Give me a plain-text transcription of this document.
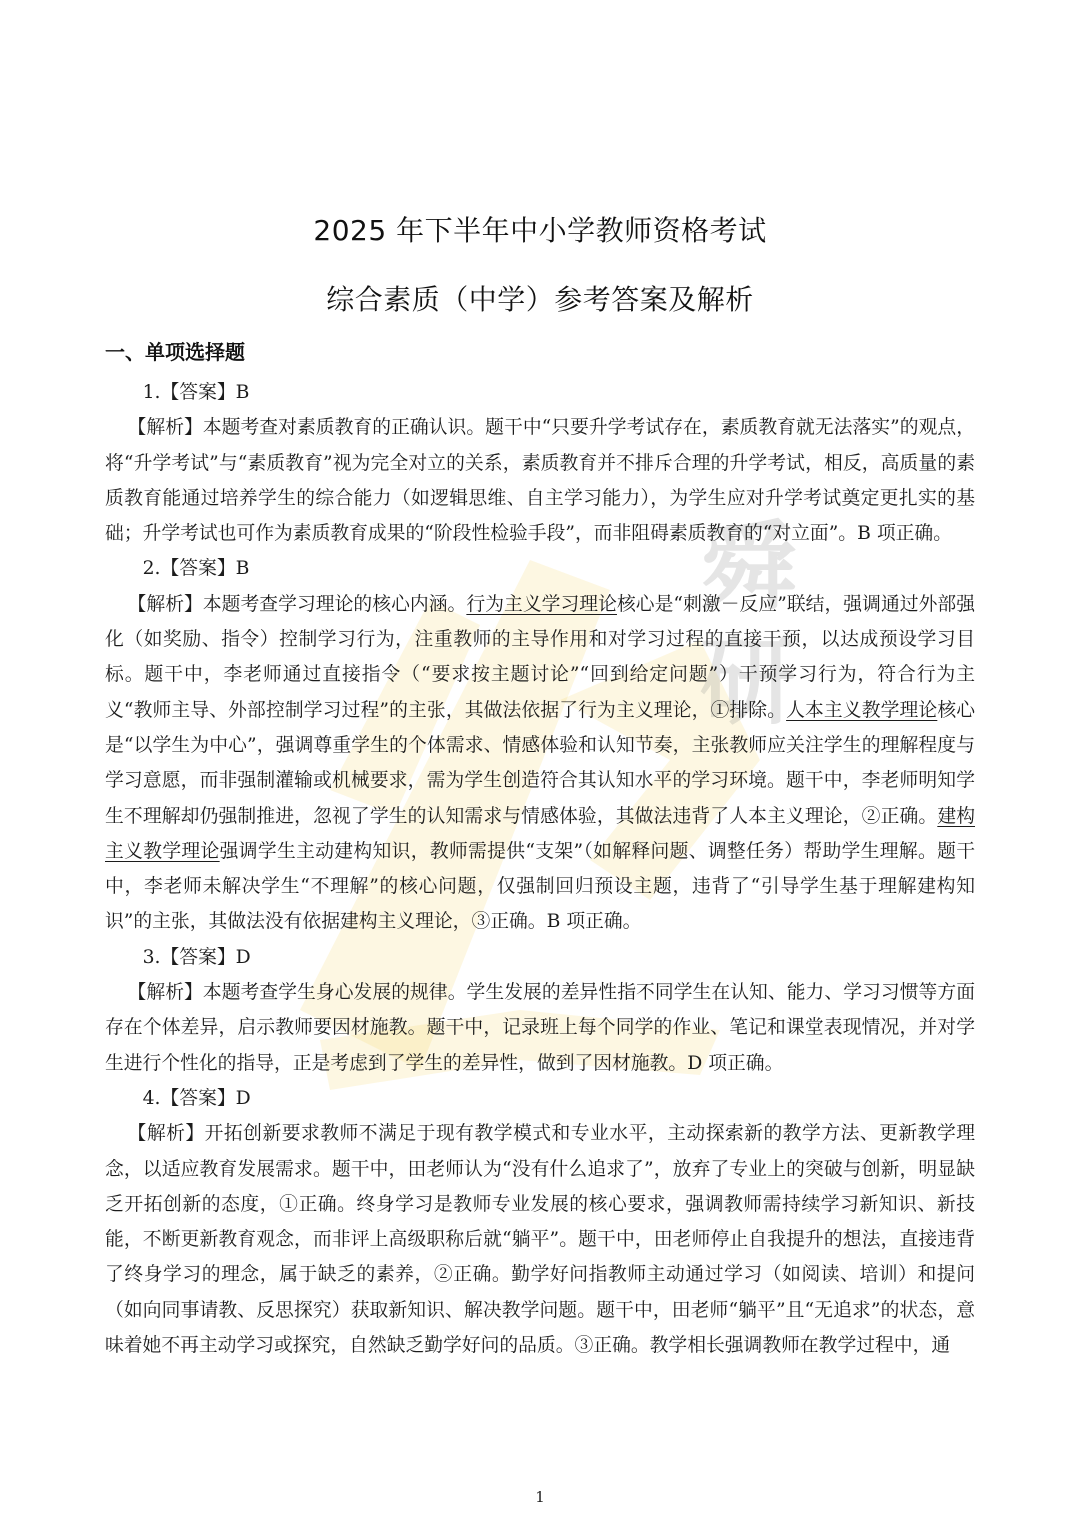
舜
研
2025 年下半年中小学教师资格考试
综合素质（中学）参考答案及解析
一、单项选择题

1.【答案】B

【解析】本题考查对素质教育的正确认识。题干中“只要升学考试存在，素质教育就无法落实”的观点，将“升学考试”与“素质教育”视为完全对立的关系，素质教育并不排斥合理的升学考试，相反，高质量的素质教育能通过培养学生的综合能力（如逻辑思维、自主学习能力），为学生应对升学考试奠定更扎实的基础；升学考试也可作为素质教育成果的“阶段性检验手段”，而非阻碍素质教育的“对立面”。B 项正确。

2.【答案】B

【解析】本题考查学习理论的核心内涵。行为主义学习理论核心是“刺激－反应”联结，强调通过外部强化（如奖励、指令）控制学习行为，注重教师的主导作用和对学习过程的直接干预，以达成预设学习目标。题干中，李老师通过直接指令（“要求按主题讨论”“回到给定问题”）干预学习行为，符合行为主义“教师主导、外部控制学习过程”的主张，其做法依据了行为主义理论，①排除。人本主义教学理论核心是“以学生为中心”，强调尊重学生的个体需求、情感体验和认知节奏，主张教师应关注学生的理解程度与学习意愿，而非强制灌输或机械要求，需为学生创造符合其认知水平的学习环境。题干中，李老师明知学生不理解却仍强制推进，忽视了学生的认知需求与情感体验，其做法违背了人本主义理论，②正确。建构主义教学理论强调学生主动建构知识，教师需提供“支架”（如解释问题、调整任务）帮助学生理解。题干中，李老师未解决学生“不理解”的核心问题，仅强制回归预设主题，违背了“引导学生基于理解建构知识”的主张，其做法没有依据建构主义理论，③正确。B 项正确。

3.【答案】D

【解析】本题考查学生身心发展的规律。学生发展的差异性指不同学生在认知、能力、学习习惯等方面存在个体差异，启示教师要因材施教。题干中，记录班上每个同学的作业、笔记和课堂表现情况，并对学生进行个性化的指导，正是考虑到了学生的差异性，做到了因材施教。D 项正确。

4.【答案】D

【解析】开拓创新要求教师不满足于现有教学模式和专业水平，主动探索新的教学方法、更新教学理念，以适应教育发展需求。题干中，田老师认为“没有什么追求了”，放弃了专业上的突破与创新，明显缺乏开拓创新的态度，①正确。终身学习是教师专业发展的核心要求，强调教师需持续学习新知识、新技能，不断更新教育观念，而非评上高级职称后就“躺平”。题干中，田老师停止自我提升的想法，直接违背了终身学习的理念，属于缺乏的素养，②正确。勤学好问指教师主动通过学习（如阅读、培训）和提问（如向同事请教、反思探究）获取新知识、解决教学问题。题干中，田老师“躺平”且“无追求”的状态，意味着她不再主动学习或探究，自然缺乏勤学好问的品质。③正确。教学相长强调教师在教学过程中，通

1
